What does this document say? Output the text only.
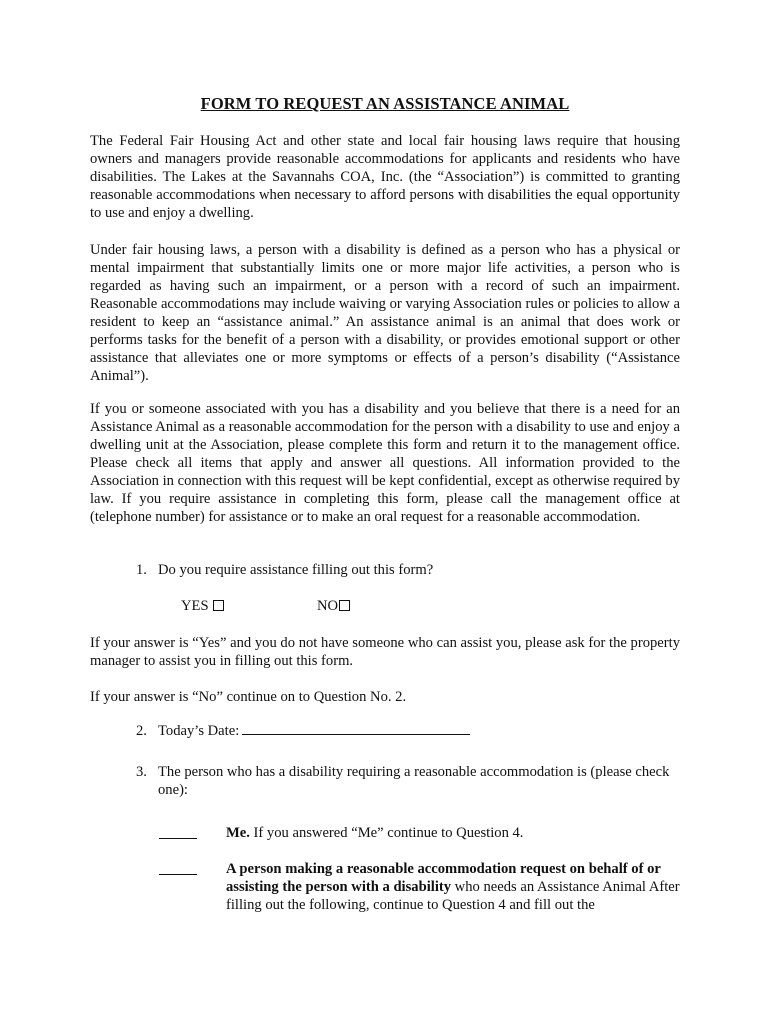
FORM TO REQUEST AN ASSISTANCE ANIMAL

The Federal Fair Housing Act and other state and local fair housing laws require that housing owners and managers provide reasonable accommodations for applicants and residents who have disabilities. The Lakes at the Savannahs COA, Inc. (the “Association”) is committed to granting reasonable accommodations when necessary to afford persons with disabilities the equal opportunity to use and enjoy a dwelling.

Under fair housing laws, a person with a disability is defined as a person who has a physical or mental impairment that substantially limits one or more major life activities, a person who is regarded as having such an impairment, or a person with a record of such an impairment. Reasonable accommodations may include waiving or varying Association rules or policies to allow a resident to keep an “assistance animal.” An assistance animal is an animal that does work or performs tasks for the benefit of a person with a disability, or provides emotional support or other assistance that alleviates one or more symptoms or effects of a person’s disability (“Assistance Animal”).

If you or someone associated with you has a disability and you believe that there is a need for an Assistance Animal as a reasonable accommodation for the person with a disability to use and enjoy a dwelling unit at the Association, please complete this form and return it to the management office. Please check all items that apply and answer all questions. All information provided to the Association in connection with this request will be kept confidential, except as otherwise required by law. If you require assistance in completing this form, please call the management office at (telephone number) for assistance or to make an oral request for a reasonable accommodation.

1. Do you require assistance filling out this form?
YES	NO

If your answer is “Yes” and you do not have someone who can assist you, please ask for the property manager to assist you in filling out this form.

If your answer is “No” continue on to Question No. 2.

2. Today’s Date:
3. The person who has a disability requiring a reasonable accommodation is (please check one):
Me. If you answered “Me” continue to Question 4.
A person making a reasonable accommodation request on behalf of or assisting the person with a disability who needs an Assistance Animal After filling out the following, continue to Question 4 and fill out the
